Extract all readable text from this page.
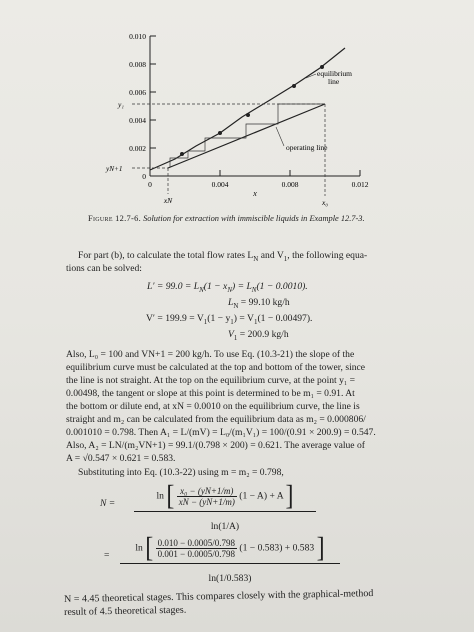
0.010
0.008
0.006
0.004
0.002
0
0	0.004	0.008	0.012
x
y₁
yN+1
xN	x₀
equilibrium
line
operating line
Figure 12.7-6. Solution for extraction with immiscible liquids in Example 12.7-3.
For part (b), to calculate the total flow rates $L_N$ and $V_1$, the following equa-
tions can be solved:
$L' = 99.0 = L_N(1 - x_N) = L_N(1 - 0.0010)$.
$L_N = 99.10$ kg/h
$V' = 199.9 = V_1(1 - y_1) = V_1(1 - 0.00497)$.
$V_1 = 200.9$ kg/h
Also, L₀ = 100 and VN+1 = 200 kg/h. To use Eq. (10.3-21) the slope of the
equilibrium curve must be calculated at the top and bottom of the tower, since
the line is not straight. At the top on the equilibrium curve, at the point y₁ =
0.00498, the tangent or slope at this point is determined to be m₁ = 0.91. At
the bottom or dilute end, at xN = 0.0010 on the equilibrium curve, the line is
straight and m₂ can be calculated from the equilibrium data as m₂ = 0.000806/
0.001010 = 0.798. Then A₁ = L/(mV) = L₀/(m₁V₁) = 100/(0.91 × 200.9) = 0.547.
Also, A₂ = LN/(m₂VN+1) = 99.1/(0.798 × 200) = 0.621. The average value of
A = √0.547 × 0.621 = 0.583.
Substituting into Eq. (10.3-22) using m = m₂ = 0.798,
N =
ln [ $\frac{\text{x₀ − (yN+1/m)}}{xN - (yN+1/m)} (1 - A) + A$ ]
ln(1/A)
=
ln [ $\frac{0.010 - 0.0005/0.798}{0.001 - 0.0005/0.798} (1 - 0.583) + 0.583$ ]
ln(1/0.583)
N = 4.45 theoretical stages. This compares closely with the graphical-method
result of 4.5 theoretical stages.
